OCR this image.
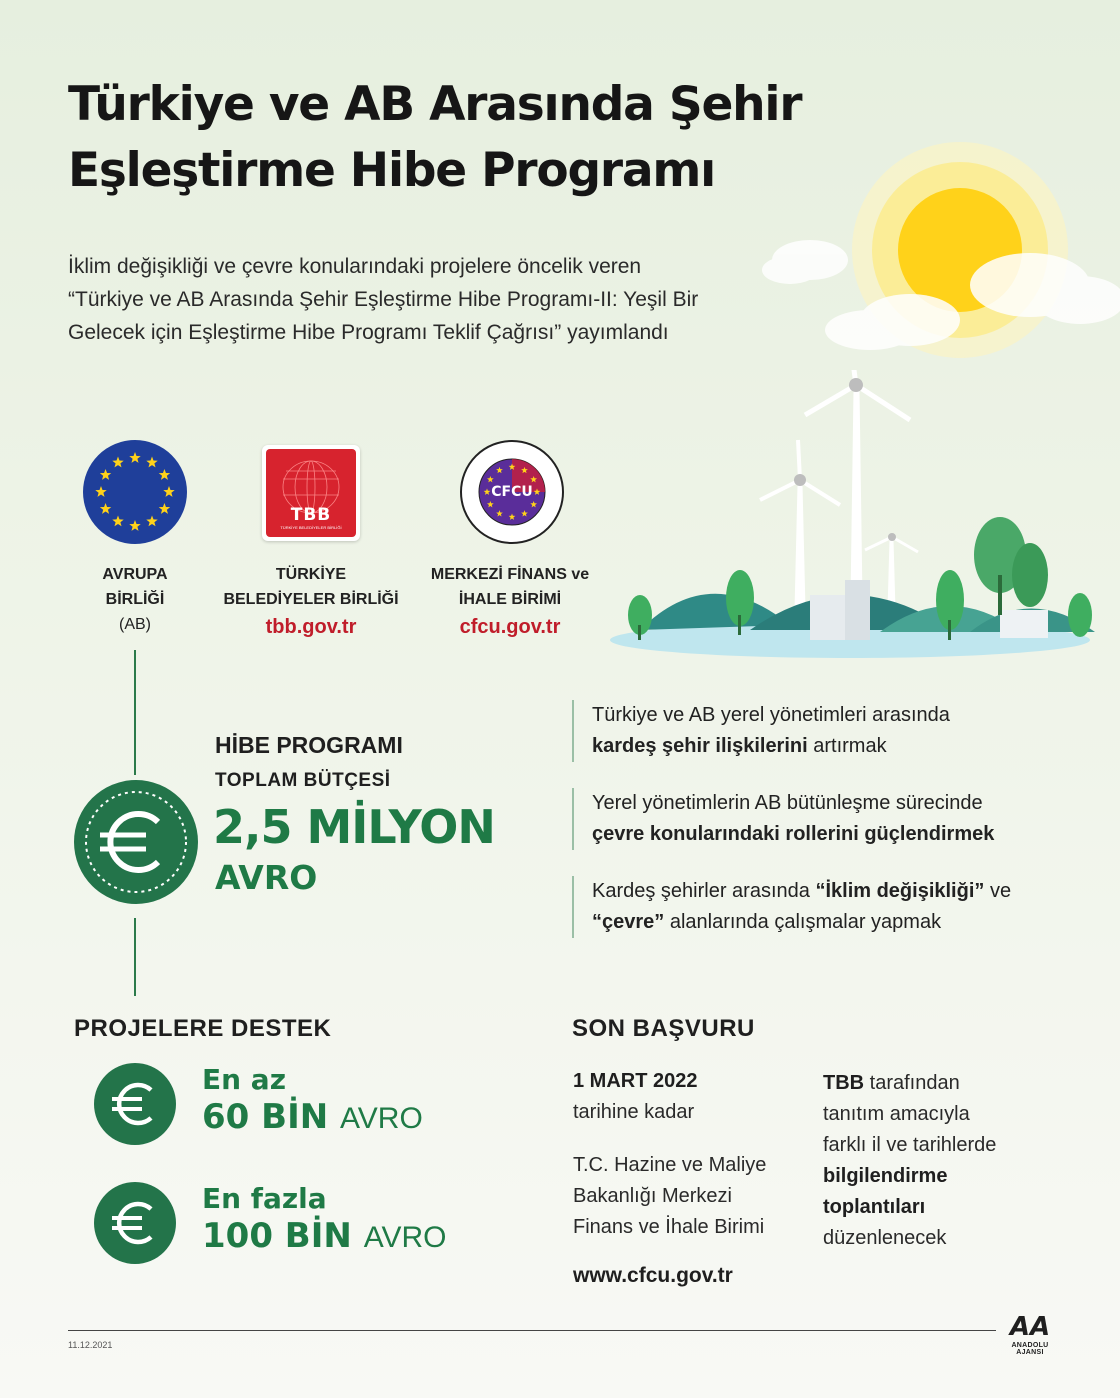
Türkiye ve AB Arasında Şehir Eşleştirme Hibe Programı
İklim değişikliği ve çevre konularındaki projelere öncelik veren “Türkiye ve AB Arasında Şehir Eşleştirme Hibe Programı-II: Yeşil Bir Gelecek için Eşleştirme Hibe Programı Teklif Çağrısı” yayımlandı
TBB
TÜRKİYE BELEDİYELER BİRLİĞİ
CFCU
AVRUPA
BİRLİĞİ
(AB)
TÜRKİYE
BELEDİYELER BİRLİĞİ
tbb.gov.tr
MERKEZİ FİNANS ve
İHALE BİRİMİ
cfcu.gov.tr
HİBE PROGRAMI
TOPLAM BÜTÇESİ
2,5 MİLYON
AVRO
Türkiye ve AB yerel yönetimleri arasında
kardeş şehir ilişkilerini artırmak
Yerel yönetimlerin AB bütünleşme sürecinde
çevre konularındaki rollerini güçlendirmek
Kardeş şehirler arasında “İklim değişikliği” ve
“çevre” alanlarında çalışmalar yapmak
PROJELERE DESTEK
En az
60 BİN AVRO
En fazla
100 BİN AVRO
SON BAŞVURU
1 MART 2022
tarihine kadar
T.C. Hazine ve Maliye
Bakanlığı Merkezi
Finans ve İhale Birimi
www.cfcu.gov.tr
TBB tarafından
tanıtım amacıyla
farklı il ve tarihlerde
bilgilendirme
toplantıları
düzenlenecek
11.12.2021
AA
ANADOLU AJANSI
